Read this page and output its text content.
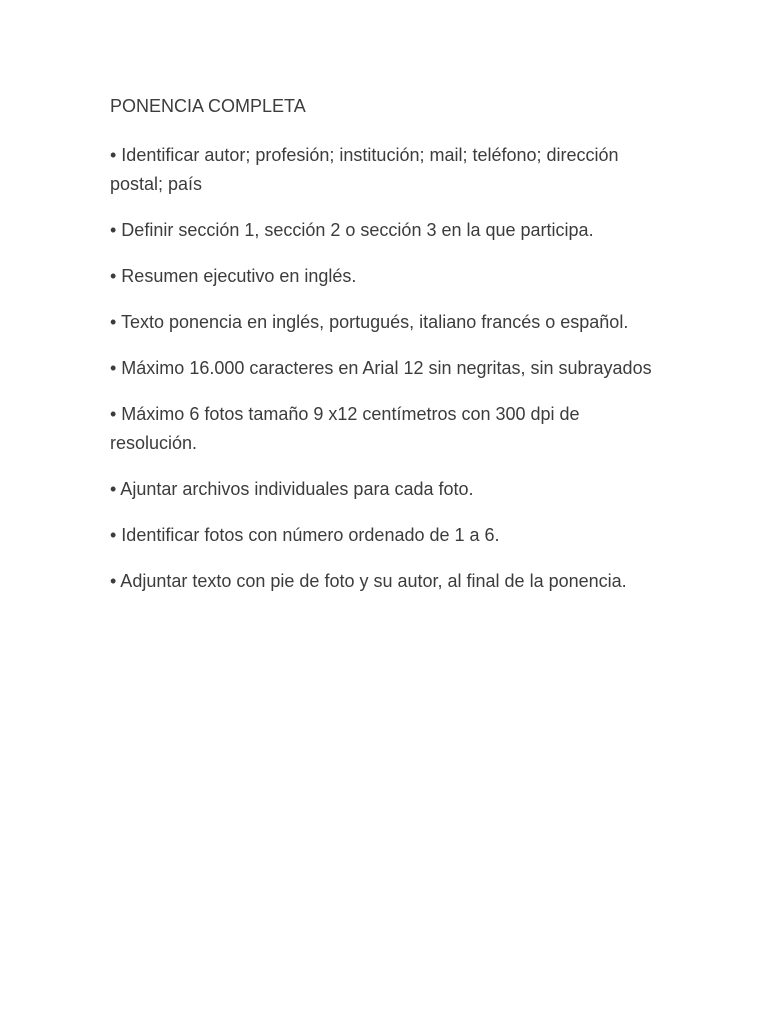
PONENCIA COMPLETA
• Identificar autor; profesión; institución; mail; teléfono; dirección postal; país
• Definir sección 1, sección 2 o sección 3 en la que participa.
• Resumen ejecutivo en inglés.
• Texto ponencia en inglés, portugués, italiano francés o español.
• Máximo 16.000 caracteres en Arial 12 sin negritas, sin subrayados
• Máximo 6 fotos tamaño 9 x12 centímetros con 300 dpi de resolución.
• Ajuntar archivos individuales para cada foto.
• Identificar fotos con número ordenado de 1 a 6.
• Adjuntar texto con pie de foto y su autor, al final de la ponencia.
